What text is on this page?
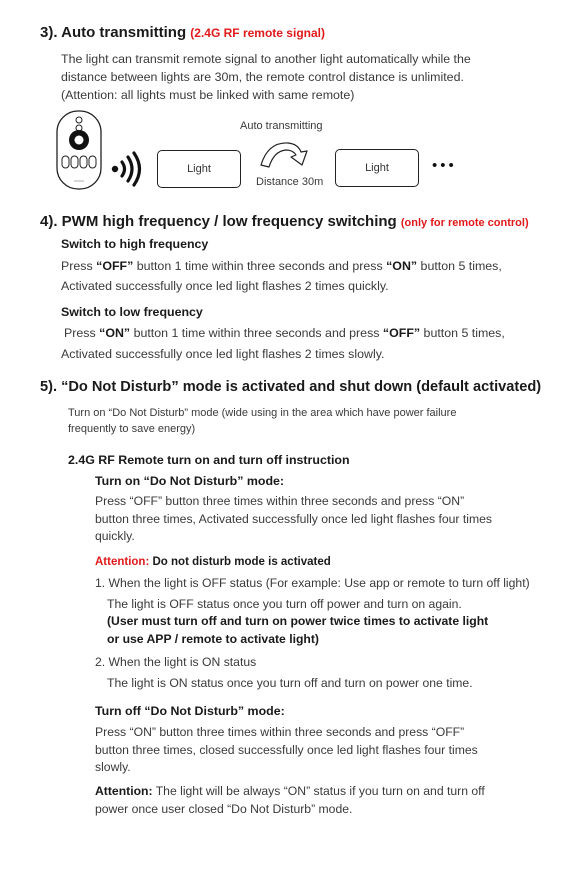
3). Auto transmitting (2.4G RF remote signal)
The light can transmit remote signal to another light automatically while the
distance between lights are 30m, the remote control distance is unlimited.
(Attention: all lights must be linked with same remote)
Light
Auto transmitting
Distance 30m
Light	•••
4). PWM high frequency / low frequency switching (only for remote control)
Switch to high frequency
Press “OFF” button 1 time within three seconds and press “ON” button 5 times,
Activated successfully once led light flashes 2 times quickly.
Switch to low frequency
Press “ON” button 1 time within three seconds and press “OFF” button 5 times,
Activated successfully once led light flashes 2 times slowly.
5). “Do Not Disturb” mode is activated and shut down (default activated)
Turn on “Do Not Disturb” mode (wide using in the area which have power failure
frequently to save energy)
2.4G RF Remote turn on and turn off instruction
Turn on “Do Not Disturb” mode:
Press “OFF” button three times within three seconds and press “ON”
button three times, Activated successfully once led light flashes four times
quickly.
Attention: Do not disturb mode is activated
1. When the light is OFF status (For example: Use app or remote to turn off light)
The light is OFF status once you turn off power and turn on again.
(User must turn off and turn on power twice times to activate light
or use APP / remote to activate light)
2. When the light is ON status
The light is ON status once you turn off and turn on power one time.
Turn off “Do Not Disturb” mode:
Press “ON” button three times within three seconds and press “OFF”
button three times, closed successfully once led light flashes four times
slowly.
Attention: The light will be always “ON” status if you turn on and turn off
power once user closed “Do Not Disturb” mode.
